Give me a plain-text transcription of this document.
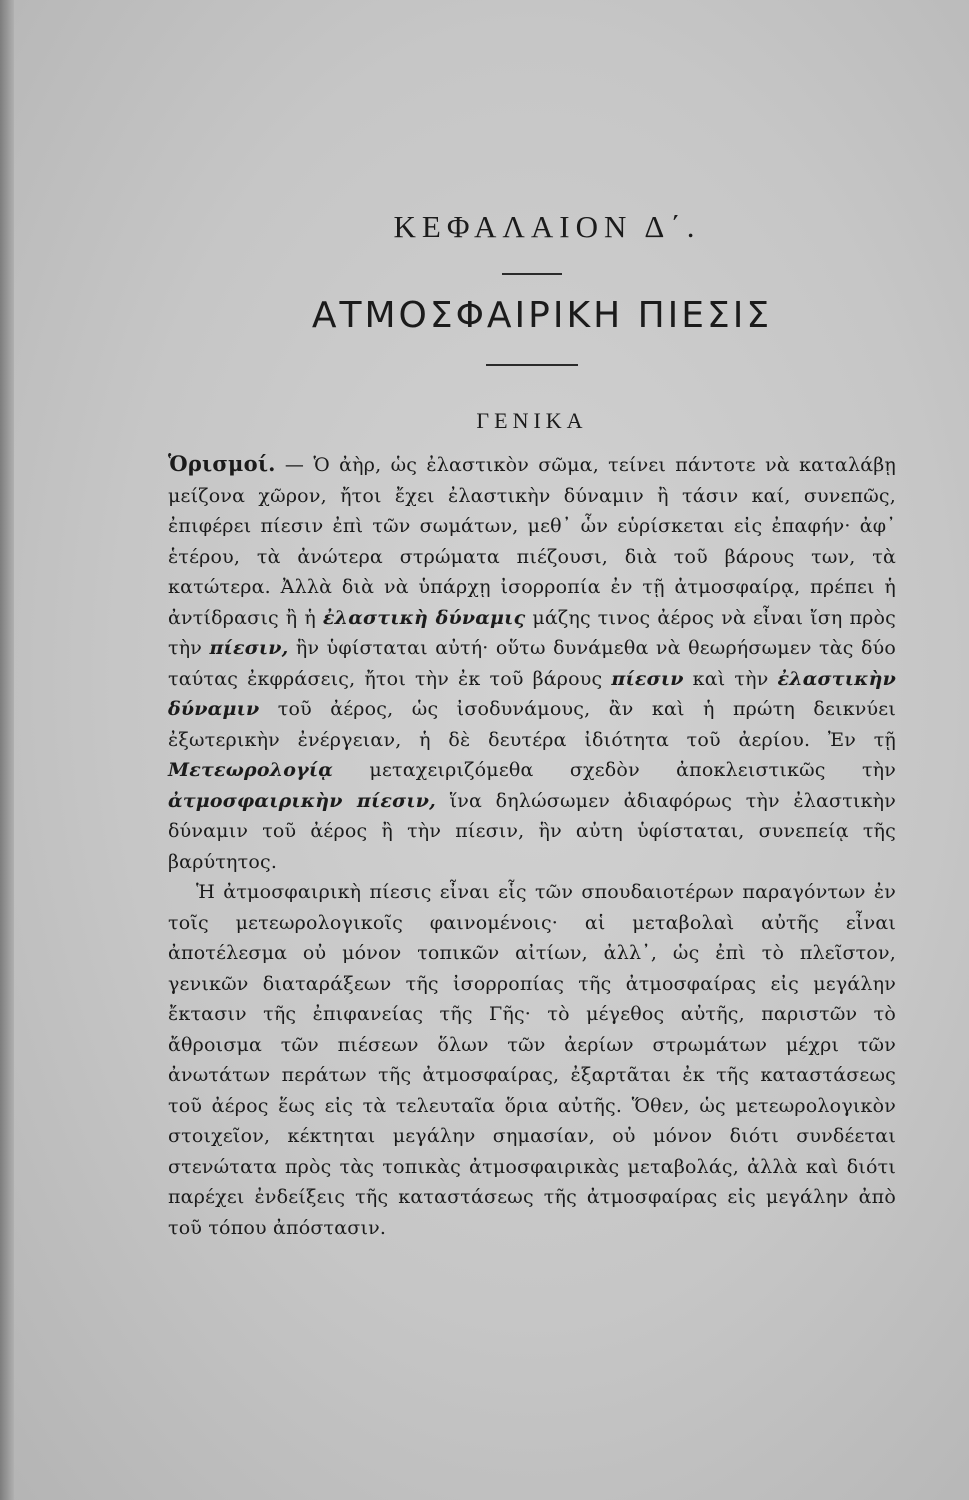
ΚΕΦΑΛΑΙΟΝ Δ΄.
ΑΤΜΟΣΦΑΙΡΙΚΗ ΠΙΕΣΙΣ
ΓΕΝΙΚΑ

Ὁρισμοί. — Ὁ ἀὴρ, ὡς ἐλαστικὸν σῶμα, τείνει πάντοτε νὰ καταλάβῃ μείζονα χῶρον, ἤτοι ἔχει ἐλαστικὴν δύναμιν ἢ τάσιν καί, συνεπῶς, ἐπιφέρει πίεσιν ἐπὶ τῶν σωμάτων, μεθ᾽ ὧν εὑρίσκεται εἰς ἐπαφήν· ἀφ᾽ ἑτέρου, τὰ ἀνώτερα στρώματα πιέζουσι, διὰ τοῦ βάρους των, τὰ κατώτερα. Ἀλλὰ διὰ νὰ ὑπάρχῃ ἰσορροπία ἐν τῇ ἀτμοσφαίρᾳ, πρέπει ἡ ἀντίδρασις ἢ ἡ ἐλαστικὴ δύναμις μάζης τινος ἀέρος νὰ εἶναι ἴση πρὸς τὴν πίεσιν, ἣν ὑφίσταται αὐτή· οὕτω δυνάμεθα νὰ θεωρήσωμεν τὰς δύο ταύτας ἐκφράσεις, ἤτοι τὴν ἐκ τοῦ βάρους πίεσιν καὶ τὴν ἐλαστικὴν δύναμιν τοῦ ἀέρος, ὡς ἰσοδυνάμους, ἂν καὶ ἡ πρώτη δεικνύει ἐξωτερικὴν ἐνέργειαν, ἡ δὲ δευτέρα ἰδιότητα τοῦ ἀερίου. Ἐν τῇ Μετεωρολογίᾳ μεταχειριζόμεθα σχεδὸν ἀποκλειστικῶς τὴν ἀτμοσφαιρικὴν πίεσιν, ἵνα δηλώσωμεν ἀδιαφόρως τὴν ἐλαστικὴν δύναμιν τοῦ ἀέρος ἢ τὴν πίεσιν, ἣν αὐτη ὑφίσταται, συνεπείᾳ τῆς βαρύτητος.

Ἡ ἀτμοσφαιρικὴ πίεσις εἶναι εἷς τῶν σπουδαιοτέρων παραγόντων ἐν τοῖς μετεωρολογικοῖς φαινομένοις· αἱ μεταβολαὶ αὐτῆς εἶναι ἀποτέλεσμα οὐ μόνον τοπικῶν αἰτίων, ἀλλ᾽, ὡς ἐπὶ τὸ πλεῖστον, γενικῶν διαταράξεων τῆς ἰσορροπίας τῆς ἀτμοσφαίρας εἰς μεγάλην ἔκτασιν τῆς ἐπιφανείας τῆς Γῆς· τὸ μέγεθος αὐτῆς, παριστῶν τὸ ἄθροισμα τῶν πιέσεων ὅλων τῶν ἀερίων στρωμάτων μέχρι τῶν ἀνωτάτων περάτων τῆς ἀτμοσφαίρας, ἐξαρτᾶται ἐκ τῆς καταστάσεως τοῦ ἀέρος ἕως εἰς τὰ τελευταῖα ὅρια αὐτῆς. Ὅθεν, ὡς μετεωρολογικὸν στοιχεῖον, κέκτηται μεγάλην σημασίαν, οὐ μόνον διότι συνδέεται στενώτατα πρὸς τὰς τοπικὰς ἀτμοσφαιρικὰς μεταβολάς, ἀλλὰ καὶ διότι παρέχει ἐνδείξεις τῆς καταστάσεως τῆς ἀτμοσφαίρας εἰς μεγάλην ἀπὸ τοῦ τόπου ἀπόστασιν.
